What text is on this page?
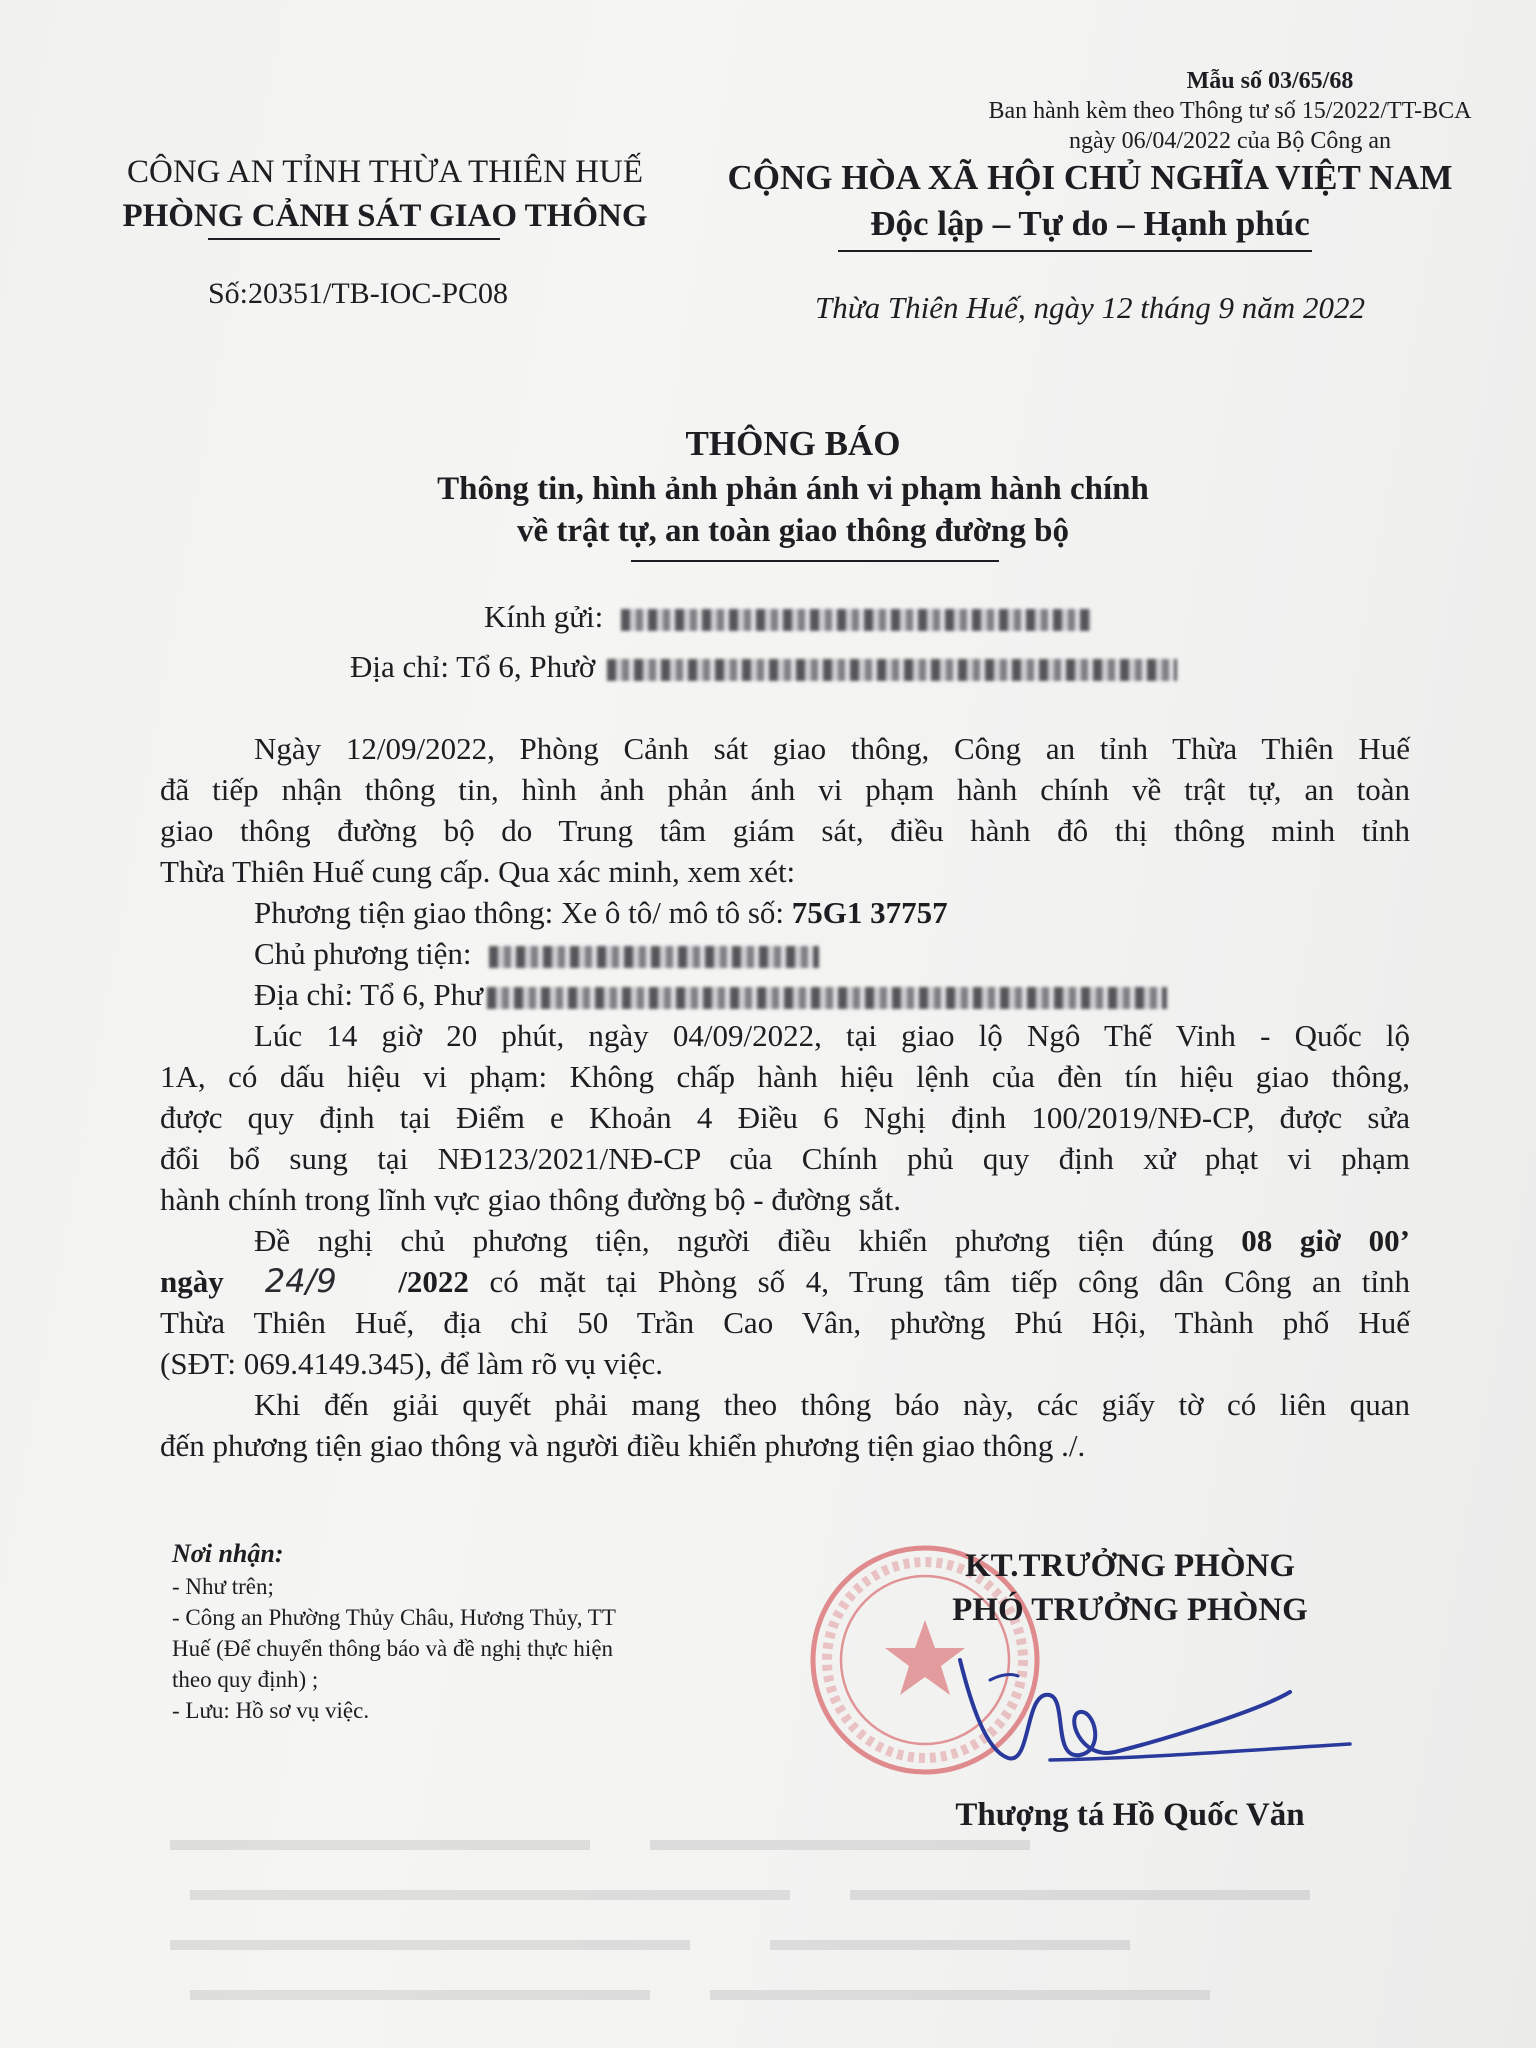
Mẫu số 03/65/68
Ban hành kèm theo Thông tư số 15/2022/TT-BCA
ngày 06/04/2022 của Bộ Công an
CÔNG AN TỈNH THỪA THIÊN HUẾ
PHÒNG CẢNH SÁT GIAO THÔNG
Số:20351/TB-IOC-PC08
CỘNG HÒA XÃ HỘI CHỦ NGHĨA VIỆT NAM
Độc lập – Tự do – Hạnh phúc
Thừa Thiên Huế, ngày 12 tháng 9 năm 2022
THÔNG BÁO
Thông tin, hình ảnh phản ánh vi phạm hành chính
về trật tự, an toàn giao thông đường bộ
Kính gửi:
Địa chỉ: Tổ 6, Phườ
Ngày 12/09/2022, Phòng Cảnh sát giao thông, Công an tỉnh Thừa Thiên Huế
đã tiếp nhận thông tin, hình ảnh phản ánh vi phạm hành chính về trật tự, an toàn
giao thông đường bộ do Trung tâm giám sát, điều hành đô thị thông minh tỉnh
Thừa Thiên Huế cung cấp. Qua xác minh, xem xét:
Phương tiện giao thông: Xe ô tô/ mô tô số: 75G1 37757
Chủ phương tiện:
Địa chỉ: Tổ 6, Phư
Lúc 14 giờ 20 phút, ngày 04/09/2022, tại giao lộ Ngô Thế Vinh - Quốc lộ
1A, có dấu hiệu vi phạm: Không chấp hành hiệu lệnh của đèn tín hiệu giao thông,
được quy định tại Điểm e Khoản 4 Điều 6 Nghị định 100/2019/NĐ-CP, được sửa
đổi bổ sung tại NĐ123/2021/NĐ-CP của Chính phủ quy định xử phạt vi phạm
hành chính trong lĩnh vực giao thông đường bộ - đường sắt.
Đề nghị chủ phương tiện, người điều khiển phương tiện đúng 08 giờ 00’
ngày 24/9 /2022 có mặt tại Phòng số 4, Trung tâm tiếp công dân Công an tỉnh
Thừa Thiên Huế, địa chỉ 50 Trần Cao Vân, phường Phú Hội, Thành phố Huế
(SĐT: 069.4149.345), để làm rõ vụ việc.
Khi đến giải quyết phải mang theo thông báo này, các giấy tờ có liên quan
đến phương tiện giao thông và người điều khiển phương tiện giao thông ./.
Nơi nhận:
- Như trên;
- Công an Phường Thủy Châu, Hương Thủy, TT
Huế (Để chuyển thông báo và đề nghị thực hiện
theo quy định) ;
- Lưu: Hồ sơ vụ việc.
KT.TRƯỞNG PHÒNG
PHÓ TRƯỞNG PHÒNG
Thượng tá Hồ Quốc Văn
